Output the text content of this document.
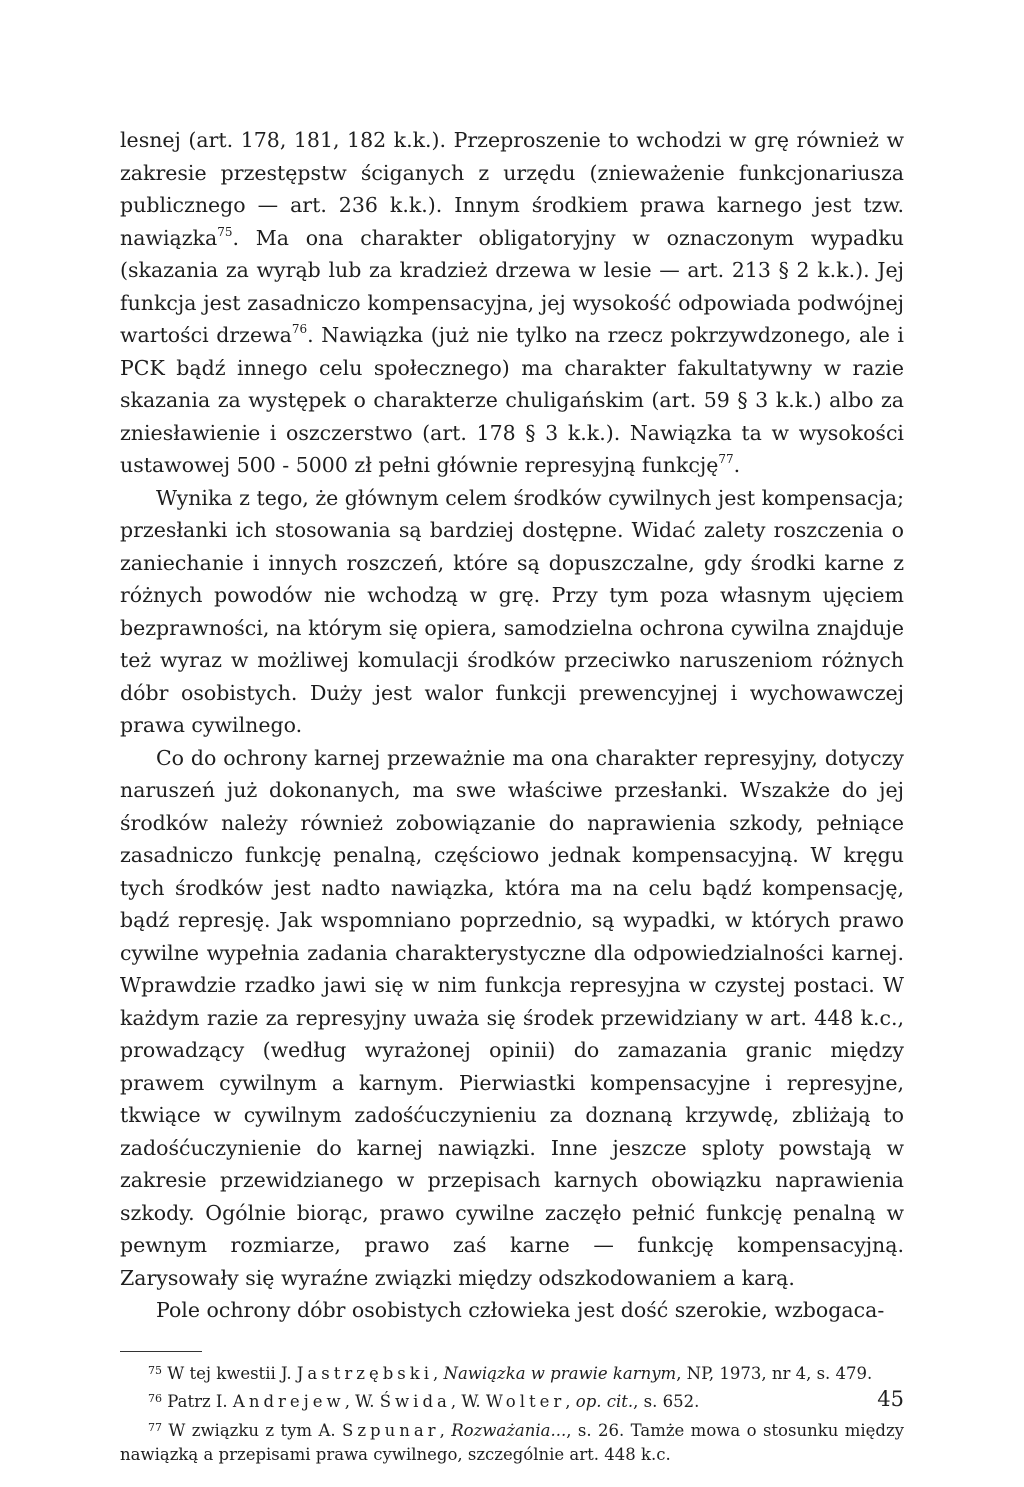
lesnej (art. 178, 181, 182 k.k.). Przeproszenie to wchodzi w grę również w zakresie przestępstw ściganych z urzędu (znieważenie funkcjonariusza publicznego — art. 236 k.k.). Innym środkiem prawa karnego jest tzw. nawiązka$^{75}$. Ma ona charakter obligatoryjny w oznaczonym wypadku (skazania za wyrąb lub za kradzież drzewa w lesie — art. 213 § 2 k.k.). Jej funkcja jest zasadniczo kompensacyjna, jej wysokość odpowiada podwójnej wartości drzewa$^{76}$. Nawiązka (już nie tylko na rzecz pokrzywdzonego, ale i PCK bądź innego celu społecznego) ma charakter fakultatywny w razie skazania za występek o charakterze chuligańskim (art. 59 § 3 k.k.) albo za zniesławienie i oszczerstwo (art. 178 § 3 k.k.). Nawiązka ta w wysokości ustawowej 500 - 5000 zł pełni głównie represyjną funkcję$^{77}$.

Wynika z tego, że głównym celem środków cywilnych jest kompensacja; przesłanki ich stosowania są bardziej dostępne. Widać zalety roszczenia o zaniechanie i innych roszczeń, które są dopuszczalne, gdy środki karne z różnych powodów nie wchodzą w grę. Przy tym poza własnym ujęciem bezprawności, na którym się opiera, samodzielna ochrona cywilna znajduje też wyraz w możliwej komulacji środków przeciwko naruszeniom różnych dóbr osobistych. Duży jest walor funkcji prewencyjnej i wychowawczej prawa cywilnego.

Co do ochrony karnej przeważnie ma ona charakter represyjny, dotyczy naruszeń już dokonanych, ma swe właściwe przesłanki. Wszakże do jej środków należy również zobowiązanie do naprawienia szkody, pełniące zasadniczo funkcję penalną, częściowo jednak kompensacyjną. W kręgu tych środków jest nadto nawiązka, która ma na celu bądź kompensację, bądź represję. Jak wspomniano poprzednio, są wypadki, w których prawo cywilne wypełnia zadania charakterystyczne dla odpowiedzialności karnej. Wprawdzie rzadko jawi się w nim funkcja represyjna w czystej postaci. W każdym razie za represyjny uważa się środek przewidziany w art. 448 k.c., prowadzący (według wyrażonej opinii) do zamazania granic między prawem cywilnym a karnym. Pierwiastki kompensacyjne i represyjne, tkwiące w cywilnym zadośćuczynieniu za doznaną krzywdę, zbliżają to zadośćuczynienie do karnej nawiązki. Inne jeszcze sploty powstają w zakresie przewidzianego w przepisach karnych obowiązku naprawienia szkody. Ogólnie biorąc, prawo cywilne zaczęło pełnić funkcję penalną w pewnym rozmiarze, prawo zaś karne — funkcję kompensacyjną. Zarysowały się wyraźne związki między odszkodowaniem a karą.

Pole ochrony dóbr osobistych człowieka jest dość szerokie, wzbogaca-

$^{75}$ W tej kwestii J. Jastrzębski, Nawiązka w prawie karnym, NP, 1973, nr 4, s. 479.

$^{76}$ Patrz I. Andrejew, W. Świda, W. Wolter, op. cit., s. 652.

$^{77}$ W związku z tym A. Szpunar, Rozważania..., s. 26. Tamże mowa o stosunku między nawiązką a przepisami prawa cywilnego, szczególnie art. 448 k.c.

45
